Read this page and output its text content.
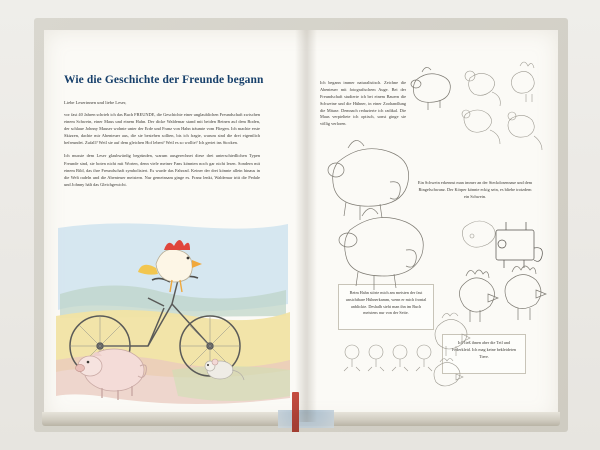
Wie die Geschichte der Freunde begann

Liebe Leserinnen und liebe Leser,

vor fast 40 Jahren schrieb ich das Buch FREUNDE, die Geschichte einer unglaublichen Freundschaft zwischen einem Schwein, einer Maus und einem Hahn. Der dicke Waldemar stand mit beiden Beinen auf dem Boden, der schlaue Johnny Mauser wohnte unter der Erde und Franz von Hahn träumte vom Fliegen. Ich machte erste Skizzen, dachte mir Abenteuer aus, die sie bestehen sollten, bis ich fragte, warum sind die drei eigentlich befreundet. Zufall? Weil sie auf dem gleichen Hof leben? Weil es so wollte? Ich geriet ins Stocken.

Ich musste dem Leser glaubwürdig begründen, warum ausgerechnet diese drei unterschiedlichen Typen Freunde sind, sie boten nicht mit Worten, denn viele meiner Fans könnten noch gar nicht lesen. Sondern mit einem Bild, das ihre Freundschaft symbolisiert. Es wurde das Fahrrad. Keiner der drei könnte allein hinaus in die Welt radeln und die Abenteuer meistern. Nur gemeinsam ginge es. Franz lenkt, Waldemar tritt die Pedale und Johnny hält das Gleichgewicht.

Ich begann immer naturalistisch. Zeichne die Abenteuer mit fotografischem Auge. Bei der Freundschaft studierte ich bei einem Bauern die Schweine und die Hühner, in einer Zoohandlung die Mäuse. Demnach reduzierte ich radikal. Die Maus verpieltete ich optisch, sonst ginge sie völlig verloren.
Ein Schwein erkennst man immer an der Steckdosennase und dem Ringelschwanz. Der Körper könnte eckig sein, es bliebe trotzdem ein Schwein.
Beim Hahn störte mich am meisten der fast unsichtbare Hühnerkamm, wenn er mich frontal anblickte. Deshalb sieht man ihn im Buch meistens nur von der Seite.
Ich ließ ihnen aber die Teil und Federkleid. Ich mag keine bekleideten Tiere.
